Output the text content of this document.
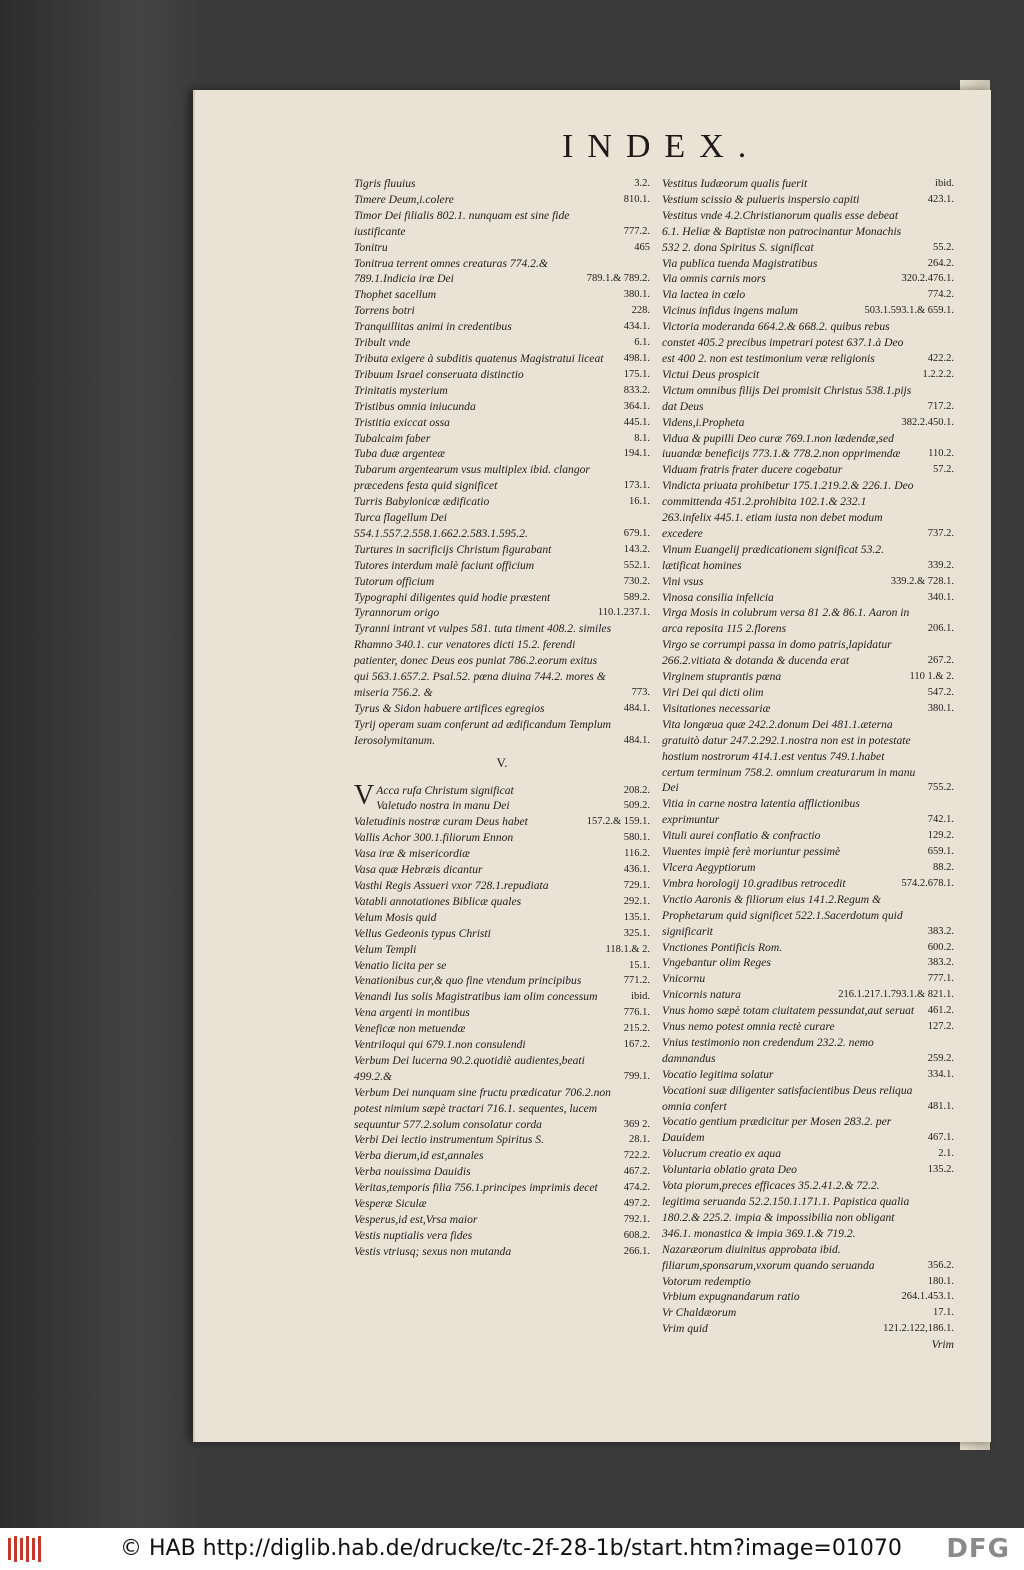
INDEX.
Tigris fluuius	3.2.
Timere Deum,i.colere	810.1.
Timor Dei filialis 802.1. nunquam est sine fide iustificante	777.2.
Tonitru	465
Tonitrua terrent omnes creaturas 774.2.& 789.1.Indicia iræ Dei	789.1.& 789.2.
Thophet sacellum	380.1.
Torrens botri	228.
Tranquillitas animi in credentibus	434.1.
Tribult vnde	6.1.
Tributa exigere à subditis quatenus Magistratui liceat	498.1.
Tribuum Israel conseruata distinctio	175.1.
Trinitatis mysterium	833.2.
Tristibus omnia iniucunda	364.1.
Tristitia exiccat ossa	445.1.
Tubalcaim faber	8.1.
Tuba duæ argenteæ	194.1.
Tubarum argentearum vsus multiplex ibid. clangor præcedens festa quid significet	173.1.
Turris Babylonicæ ædificatio	16.1.
Turca flagellum Dei 554.1.557.2.558.1.662.2.583.1.595.2.	679.1.
Turtures in sacrificijs Christum figurabant	143.2.
Tutores interdum malè faciunt officium	552.1.
Tutorum officium	730.2.
Typographi diligentes quid hodie præstent	589.2.
Tyrannorum origo	110.1.237.1.
Tyranni intrant vt vulpes 581. tuta timent 408.2. similes Rhamno 340.1. cur venatores dicti 15.2. ferendi patienter, donec Deus eos puniat 786.2.eorum exitus qui 563.1.657.2. Psal.52. pœna diuina 744.2. mores & miseria 756.2. &	773.
Tyrus & Sidon habuere artifices egregios	484.1.
Tyrij operam suam conferunt ad ædificandum Templum Ierosolymitanum.	484.1.
V.
V Acca rufa Christum significat	208.2.
Valetudo nostra in manu Dei	509.2.
Valetudinis nostræ curam Deus habet	157.2.& 159.1.
Vallis Achor 300.1.filiorum Ennon	580.1.
Vasa iræ & misericordiæ	116.2.
Vasa quæ Hebræis dicantur	436.1.
Vasthi Regis Assueri vxor 728.1.repudiata	729.1.
Vatabli annotationes Biblicæ quales	292.1.
Velum Mosis quid	135.1.
Vellus Gedeonis typus Christi	325.1.
Velum Templi	118.1.& 2.
Venatio licita per se	15.1.
Venationibus cur,& quo fine vtendum principibus	771.2.
Venandi Ius solis Magistratibus iam olim concessum	ibid.
Vena argenti in montibus	776.1.
Veneficæ non metuendæ	215.2.
Ventriloqui qui 679.1.non consulendi	167.2.
Verbum Dei lucerna 90.2.quotidiè audientes,beati 499.2.&	799.1.
Verbum Dei nunquam sine fructu prædicatur 706.2.non potest nimium sæpè tractari 716.1. sequentes, lucem sequuntur 577.2.solum consolatur corda	369 2.
Verbi Dei lectio instrumentum Spiritus S.	28.1.
Verba dierum,id est,annales	722.2.
Verba nouissima Dauidis	467.2.
Veritas,temporis filia 756.1.principes imprimis decet	474.2.
Vesperæ Siculæ	497.2.
Vesperus,id est,Vrsa maior	792.1.
Vestis nuptialis vera fides	608.2.
Vestis vtriusq; sexus non mutanda	266.1.
Vestitus Iudæorum qualis fuerit	ibid.
Vestium scissio & pulueris inspersio capiti	423.1.
Vestitus vnde 4.2.Christianorum qualis esse debeat 6.1. Heliæ & Baptistæ non patrocinantur Monachis 532 2. dona Spiritus S. significat	55.2.
Via publica tuenda Magistratibus	264.2.
Via omnis carnis mors	320.2.476.1.
Via lactea in cœlo	774.2.
Vicinus infidus ingens malum	503.1.593.1.& 659.1.
Victoria moderanda 664.2.& 668.2. quibus rebus constet 405.2 precibus impetrari potest 637.1.à Deo est 400 2. non est testimonium veræ religionis	422.2.
Victui Deus prospicit	1.2.2.2.
Victum omnibus filijs Dei promisit Christus 538.1.pijs dat Deus	717.2.
Videns,i.Propheta	382.2.450.1.
Vidua & pupilli Deo curæ 769.1.non lædendæ,sed iuuandæ beneficijs 773.1.& 778.2.non opprimendæ	110.2.
Viduam fratris frater ducere cogebatur	57.2.
Vindicta priuata prohibetur 175.1.219.2.& 226.1. Deo committenda 451.2.prohibita 102.1.& 232.1 263.infelix 445.1. etiam iusta non debet modum excedere	737.2.
Vinum Euangelij prædicationem significat 53.2. lætificat homines	339.2.
Vini vsus	339.2.& 728.1.
Vinosa consilia infelicia	340.1.
Virga Mosis in colubrum versa 81 2.& 86.1. Aaron in arca reposita 115 2.florens	206.1.
Virgo se corrumpi passa in domo patris,lapidatur 266.2.vitiata & dotanda & ducenda erat	267.2.
Virginem stuprantis pœna	110 1.& 2.
Viri Dei qui dicti olim	547.2.
Visitationes necessariæ	380.1.
Vita longæua quæ 242.2.donum Dei 481.1.æterna gratuitò datur 247.2.292.1.nostra non est in potestate hostium nostrorum 414.1.est ventus 749.1.habet certum terminum 758.2. omnium creaturarum in manu Dei	755.2.
Vitia in carne nostra latentia afflictionibus exprimuntur	742.1.
Vituli aurei conflatio & confractio	129.2.
Viuentes impiè ferè moriuntur pessimè	659.1.
Vlcera Aegyptiorum	88.2.
Vmbra horologij 10.gradibus retrocedit	574.2.678.1.
Vnctio Aaronis & filiorum eius 141.2.Regum & Prophetarum quid significet 522.1.Sacerdotum quid significarit	383.2.
Vnctiones Pontificis Rom.	600.2.
Vngebantur olim Reges	383.2.
Vnicornu	777.1.
Vnicornis natura	216.1.217.1.793.1.& 821.1.
Vnus homo sæpè totam ciuitatem pessundat,aut seruat	461.2.
Vnus nemo potest omnia rectè curare	127.2.
Vnius testimonio non credendum 232.2. nemo damnandus	259.2.
Vocatio legitima solatur	334.1.
Vocationi suæ diligenter satisfacientibus Deus reliqua omnia confert	481.1.
Vocatio gentium prædicitur per Mosen 283.2. per Dauidem	467.1.
Volucrum creatio ex aqua	2.1.
Voluntaria oblatio grata Deo	135.2.
Vota piorum,preces efficaces 35.2.41.2.& 72.2. legitima seruanda 52.2.150.1.171.1. Papistica qualia 180.2.& 225.2. impia & impossibilia non obligant 346.1. monastica & impia 369.1.& 719.2. Nazaræorum diuinitus approbata ibid. filiarum,sponsarum,vxorum quando seruanda	356.2.
Votorum redemptio	180.1.
Vrbium expugnandarum ratio	264.1.453.1.
Vr Chaldæorum	17.1.
Vrim quid	121.2.122,186.1.
Vrim
© HAB http://diglib.hab.de/drucke/tc-2f-28-1b/start.htm?image=01070 DFG
